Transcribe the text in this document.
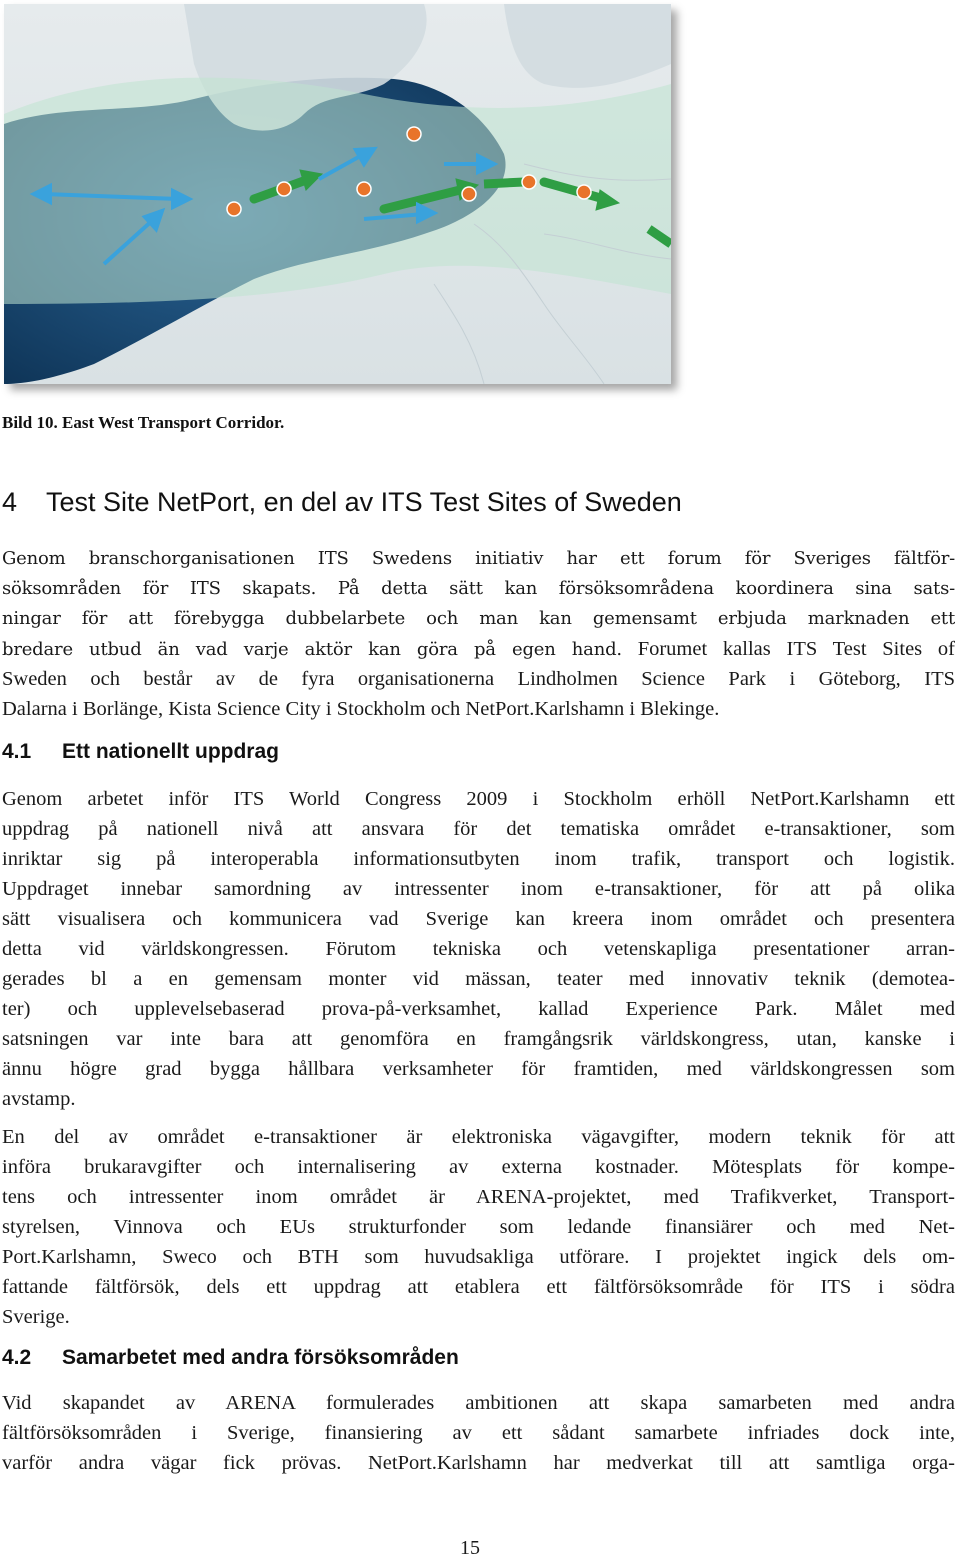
Bild 10. East West Transport Corridor.
4 Test Site NetPort, en del av ITS Test Sites of Sweden
Genom branschorganisationen ITS Swedens initiativ har ett forum för Sveriges fältför-
söksområden för ITS skapats. På detta sätt kan försöksområdena koordinera sina sats-
ningar för att förebygga dubbelarbete och man kan gemensamt erbjuda marknaden ett
bredare utbud än vad varje aktör kan göra på egen hand. Forumet kallas ITS Test Sites of
Sweden och består av de fyra organisationerna Lindholmen Science Park i Göteborg, ITS
Dalarna i Borlänge, Kista Science City i Stockholm och NetPort.Karlshamn i Blekinge.
4.1 Ett nationellt uppdrag
Genom arbetet inför ITS World Congress 2009 i Stockholm erhöll NetPort.Karlshamn ett
uppdrag på nationell nivå att ansvara för det tematiska området e-transaktioner, som
inriktar sig på interoperabla informationsutbyten inom trafik, transport och logistik.
Uppdraget innebar samordning av intressenter inom e-transaktioner, för att på olika
sätt visualisera och kommunicera vad Sverige kan kreera inom området och presentera
detta vid världskongressen. Förutom tekniska och vetenskapliga presentationer arran-
gerades bl a en gemensam monter vid mässan, teater med innovativ teknik (demotea-
ter) och upplevelsebaserad prova-på-verksamhet, kallad Experience Park. Målet med
satsningen var inte bara att genomföra en framgångsrik världskongress, utan, kanske i
ännu högre grad bygga hållbara verksamheter för framtiden, med världskongressen som
avstamp.
En del av området e-transaktioner är elektroniska vägavgifter, modern teknik för att
införa brukaravgifter och internalisering av externa kostnader. Mötesplats för kompe-
tens och intressenter inom området är ARENA-projektet, med Trafikverket, Transport-
styrelsen, Vinnova och EUs strukturfonder som ledande finansiärer och med Net-
Port.Karlshamn, Sweco och BTH som huvudsakliga utförare. I projektet ingick dels om-
fattande fältförsök, dels ett uppdrag att etablera ett fältförsöksområde för ITS i södra
Sverige.
4.2 Samarbetet med andra försöksområden
Vid skapandet av ARENA formulerades ambitionen att skapa samarbeten med andra
fältförsöksområden i Sverige, finansiering av ett sådant samarbete infriades dock inte,
varför andra vägar fick prövas. NetPort.Karlshamn har medverkat till att samtliga orga-
15
